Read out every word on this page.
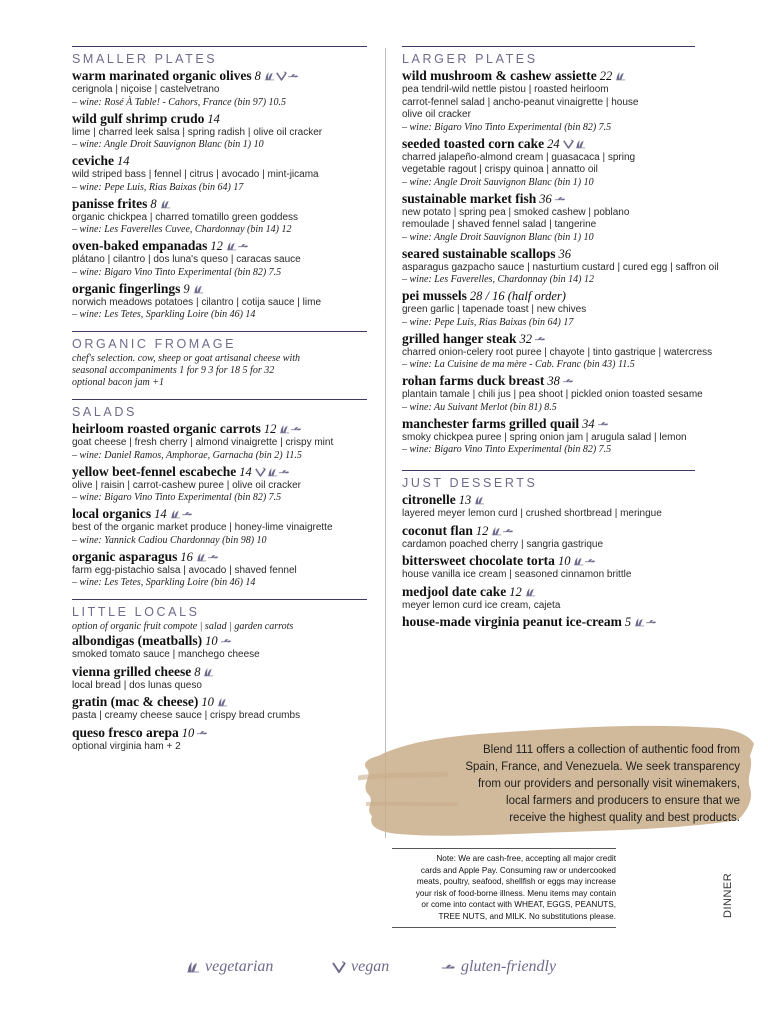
SMALLER PLATES
warm marinated organic olives 8
cerignola | niçoise | castelvetrano
– wine: Rosé À Table! - Cahors, France (bin 97) 10.5
wild gulf shrimp crudo 14
lime | charred leek salsa | spring radish | olive oil cracker
– wine: Angle Droit Sauvignon Blanc (bin 1) 10
ceviche 14
wild striped bass | fennel | citrus | avocado | mint-jicama
– wine: Pepe Luis, Rias Baixas (bin 64) 17
panisse frites 8
organic chickpea | charred tomatillo green goddess
– wine: Les Faverelles Cuvee, Chardonnay (bin 14) 12
oven-baked empanadas 12
plátano | cilantro | dos luna's queso | caracas sauce
– wine: Bigaro Vino Tinto Experimental (bin 82) 7.5
organic fingerlings 9
norwich meadows potatoes | cilantro | cotija sauce | lime
– wine: Les Tetes, Sparkling Loire (bin 46) 14
ORGANIC FROMAGE
chef's selection. cow, sheep or goat artisanal cheese with
seasonal accompaniments 1 for 9 3 for 18 5 for 32
optional bacon jam +1
SALADS
heirloom roasted organic carrots 12
goat cheese | fresh cherry | almond vinaigrette | crispy mint
– wine: Daniel Ramos, Amphorae, Garnacha (bin 2) 11.5
yellow beet-fennel escabeche 14
olive | raisin | carrot-cashew puree | olive oil cracker
– wine: Bigaro Vino Tinto Experimental (bin 82) 7.5
local organics 14
best of the organic market produce | honey-lime vinaigrette
– wine: Yannick Cadiou Chardonnay (bin 98) 10
organic asparagus 16
farm egg-pistachio salsa | avocado | shaved fennel
– wine: Les Tetes, Sparkling Loire (bin 46) 14
LITTLE LOCALS
option of organic fruit compote | salad | garden carrots
albondigas (meatballs) 10
smoked tomato sauce | manchego cheese
vienna grilled cheese 8
local bread | dos lunas queso
gratin (mac & cheese) 10
pasta | creamy cheese sauce | crispy bread crumbs
queso fresco arepa 10
optional virginia ham + 2
LARGER PLATES
wild mushroom & cashew assiette 22
pea tendril-wild nettle pistou | roasted heirloom
carrot-fennel salad | ancho-peanut vinaigrette | house
olive oil cracker
– wine: Bigaro Vino Tinto Experimental (bin 82) 7.5
seeded toasted corn cake 24
charred jalapeño-almond cream | guasacaca | spring
vegetable ragout | crispy quinoa | annatto oil
– wine: Angle Droit Sauvignon Blanc (bin 1) 10
sustainable market fish 36
new potato | spring pea | smoked cashew | poblano
remoulade | shaved fennel salad | tangerine
– wine: Angle Droit Sauvignon Blanc (bin 1) 10
seared sustainable scallops 36
asparagus gazpacho sauce | nasturtium custard | cured egg | saffron oil
– wine: Les Faverelles, Chardonnay (bin 14) 12
pei mussels 28 / 16 (half order)
green garlic | tapenade toast | new chives
– wine: Pepe Luis, Rias Baixas (bin 64) 17
grilled hanger steak 32
charred onion-celery root puree | chayote | tinto gastrique | watercress
– wine: La Cuisine de ma mère - Cab. Franc (bin 43) 11.5
rohan farms duck breast 38
plantain tamale | chili jus | pea shoot | pickled onion toasted sesame
– wine: Au Suivant Merlot (bin 81) 8.5
manchester farms grilled quail 34
smoky chickpea puree | spring onion jam | arugula salad | lemon
– wine: Bigaro Vino Tinto Experimental (bin 82) 7.5
JUST DESSERTS
citronelle 13
layered meyer lemon curd | crushed shortbread | meringue
coconut flan 12
cardamon poached cherry | sangria gastrique
bittersweet chocolate torta 10
house vanilla ice cream | seasoned cinnamon brittle
medjool date cake 12
meyer lemon curd ice cream, cajeta
house-made virginia peanut ice-cream 5
Blend 111 offers a collection of authentic food from
Spain, France, and Venezuela. We seek transparency
from our providers and personally visit winemakers,
local farmers and producers to ensure that we
receive the highest quality and best products.
Note: We are cash-free, accepting all major credit
cards and Apple Pay. Consuming raw or undercooked
meats, poultry, seafood, shellfish or eggs may increase
your risk of food-borne illness. Menu items may contain
or come into contact with WHEAT, EGGS, PEANUTS,
TREE NUTS, and MILK. No substitutions please.	DINNER
vegetarian	vegan	gluten-friendly
